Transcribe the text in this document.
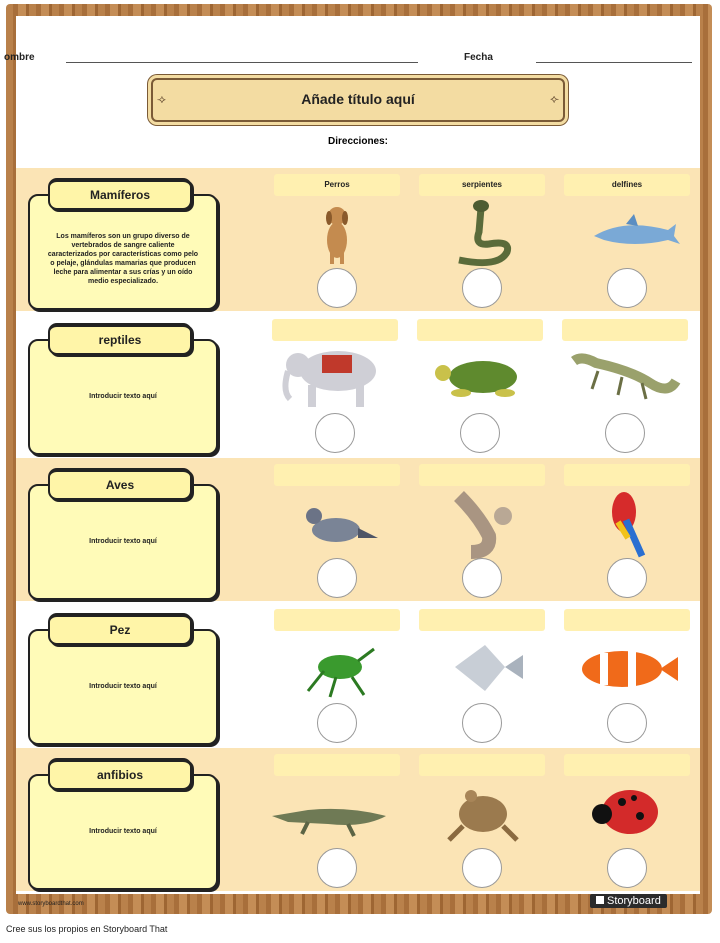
ombre	Fecha
⟢	Añade título aquí	⟣
Direcciones:
Los mamíferos son un grupo diverso de vertebrados de sangre caliente caracterizados por características como pelo o pelaje, glándulas mamarias que producen leche para alimentar a sus crías y un oído medio especializado.
Mamíferos
Perros	serpientes	delfines
Introducir texto aquí
reptiles
Introducir texto aquí
Aves
Introducir texto aquí
Pez
Introducir texto aquí
anfibios
www.storyboardthat.com	Storyboard
Cree sus los propios en Storyboard That
